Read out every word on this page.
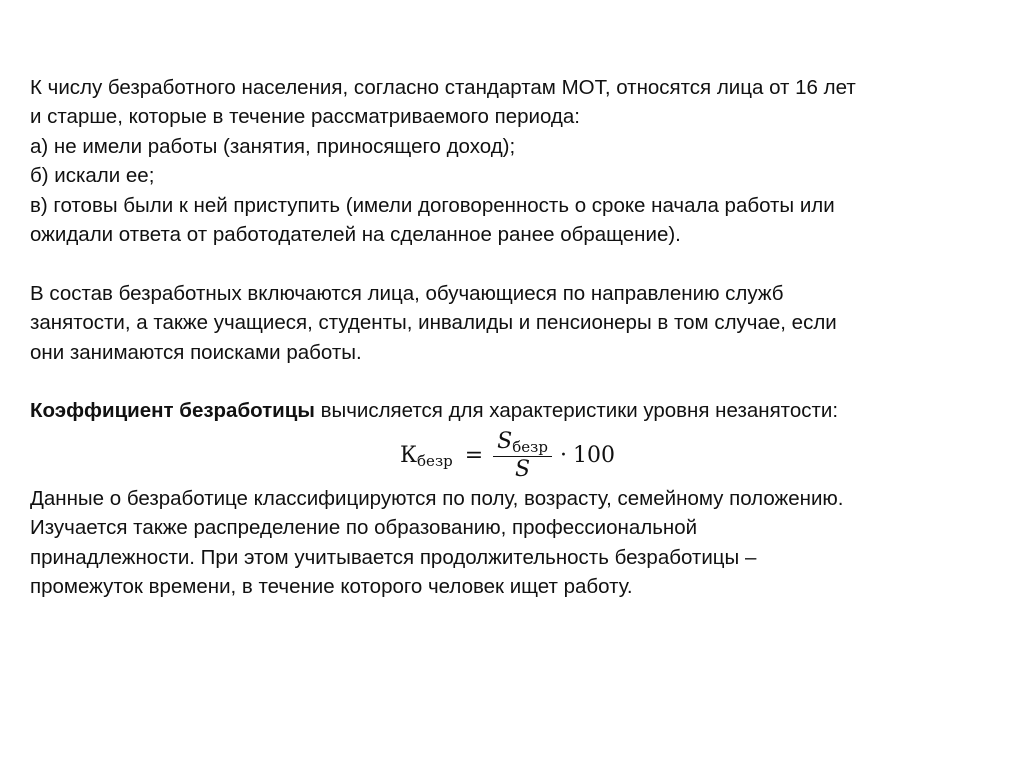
К числу безработного населения, согласно стандартам МОТ, относятся лица от 16 лет
и старше, которые в течение рассматриваемого периода:
а) не имели работы (занятия, приносящего доход);
б) искали ее;
в) готовы были к ней приступить (имели договоренность о сроке начала работы или
ожидали ответа от работодателей на сделанное ранее обращение).
В состав безработных включаются лица, обучающиеся по направлению служб
занятости, а также учащиеся, студенты, инвалиды и пенсионеры в том случае, если
они занимаются поисками работы.
Коэффициент безработицы вычисляется для характеристики уровня незанятости:
К безр = $\frac{\text{Sбезр}}{S} \cdot 100$
Данные о безработице классифицируются по полу, возрасту, семейному положению.
Изучается также распределение по образованию, профессиональной
принадлежности. При этом учитывается продолжительность безработицы –
промежуток времени, в течение которого человек ищет работу.
